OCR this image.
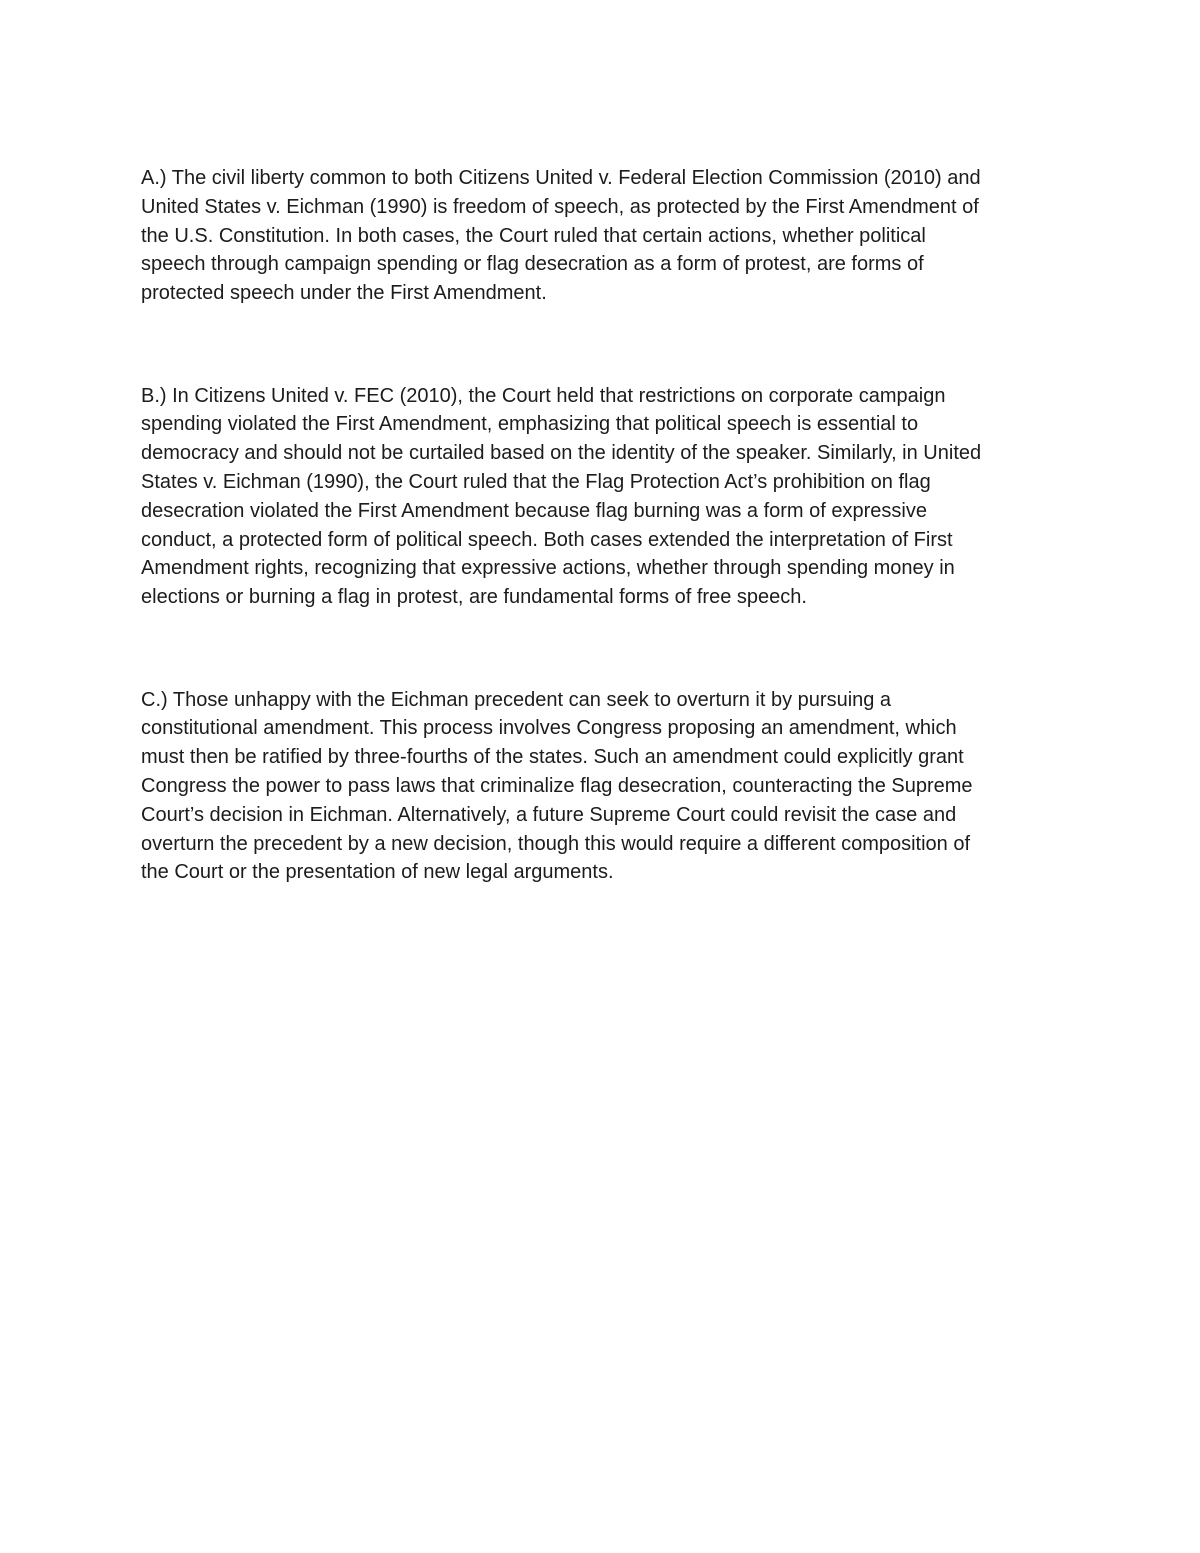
A.) The civil liberty common to both Citizens United v. Federal Election Commission (2010) and
United States v. Eichman (1990) is freedom of speech, as protected by the First Amendment of
the U.S. Constitution. In both cases, the Court ruled that certain actions, whether political
speech through campaign spending or flag desecration as a form of protest, are forms of
protected speech under the First Amendment.

B.) In Citizens United v. FEC (2010), the Court held that restrictions on corporate campaign
spending violated the First Amendment, emphasizing that political speech is essential to
democracy and should not be curtailed based on the identity of the speaker. Similarly, in United
States v. Eichman (1990), the Court ruled that the Flag Protection Act’s prohibition on flag
desecration violated the First Amendment because flag burning was a form of expressive
conduct, a protected form of political speech. Both cases extended the interpretation of First
Amendment rights, recognizing that expressive actions, whether through spending money in
elections or burning a flag in protest, are fundamental forms of free speech.

C.) Those unhappy with the Eichman precedent can seek to overturn it by pursuing a
constitutional amendment. This process involves Congress proposing an amendment, which
must then be ratified by three-fourths of the states. Such an amendment could explicitly grant
Congress the power to pass laws that criminalize flag desecration, counteracting the Supreme
Court’s decision in Eichman. Alternatively, a future Supreme Court could revisit the case and
overturn the precedent by a new decision, though this would require a different composition of
the Court or the presentation of new legal arguments.
